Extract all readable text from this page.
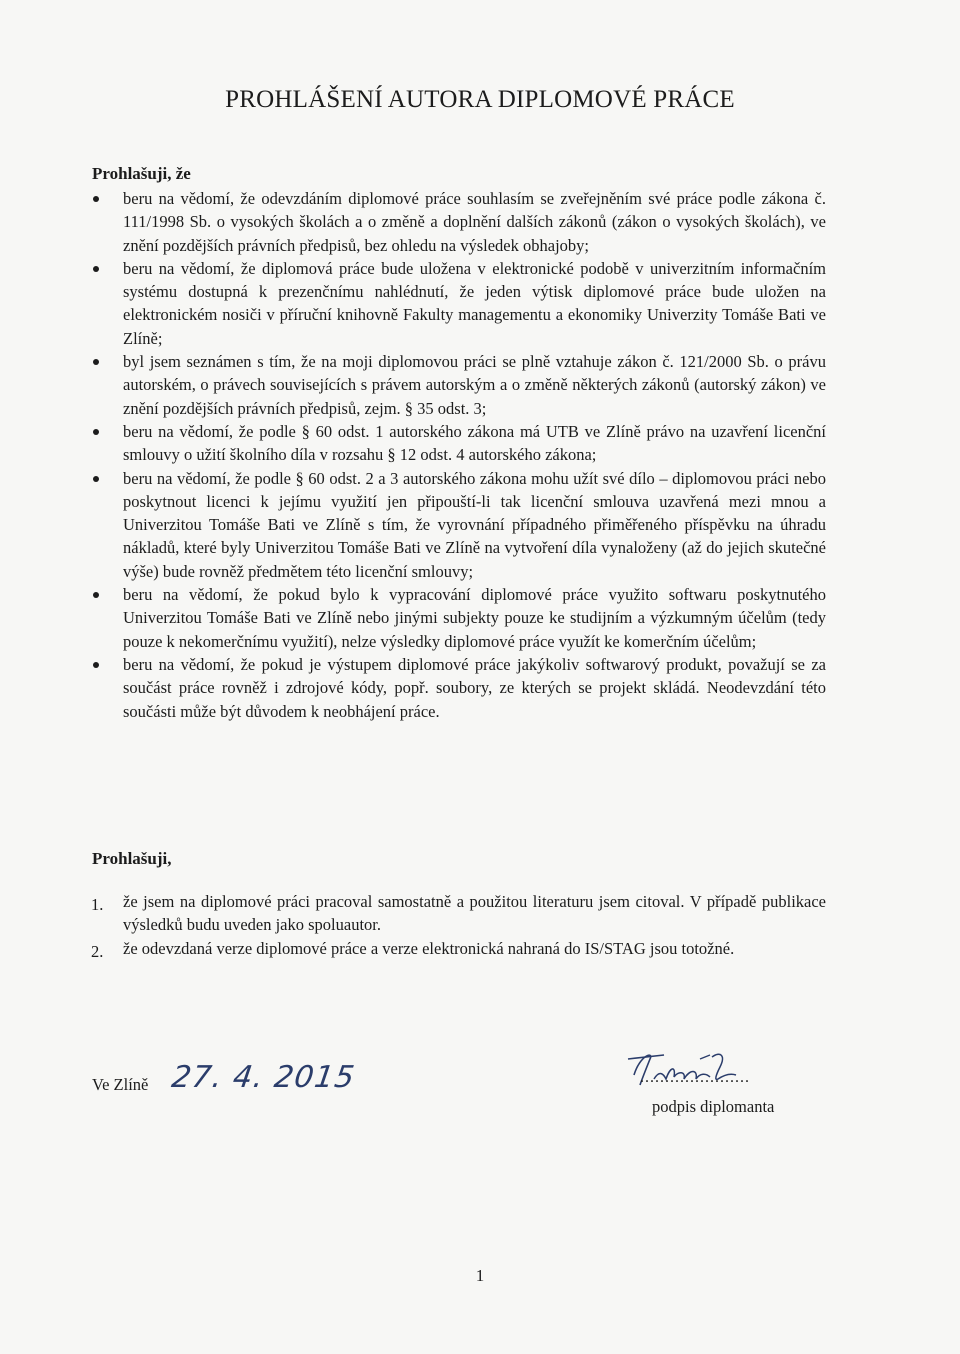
PROHLÁŠENÍ AUTORA DIPLOMOVÉ PRÁCE

Prohlašuji, že

beru na vědomí, že odevzdáním diplomové práce souhlasím se zveřejněním své práce podle zákona č. 111/1998 Sb. o vysokých školách a o změně a doplnění dalších zákonů (zákon o vysokých školách), ve znění pozdějších právních předpisů, bez ohledu na výsledek obhajoby;
beru na vědomí, že diplomová práce bude uložena v elektronické podobě v univerzitním informačním systému dostupná k prezenčnímu nahlédnutí, že jeden výtisk diplomové práce bude uložen na elektronickém nosiči v příruční knihovně Fakulty managementu a ekonomiky Univerzity Tomáše Bati ve Zlíně;
byl jsem seznámen s tím, že na moji diplomovou práci se plně vztahuje zákon č. 121/2000 Sb. o právu autorském, o právech souvisejících s právem autorským a o změně některých zákonů (autorský zákon) ve znění pozdějších právních předpisů, zejm. § 35 odst. 3;
beru na vědomí, že podle § 60 odst. 1 autorského zákona má UTB ve Zlíně právo na uzavření licenční smlouvy o užití školního díla v rozsahu § 12 odst. 4 autorského zákona;
beru na vědomí, že podle § 60 odst. 2 a 3 autorského zákona mohu užít své dílo – diplomovou práci nebo poskytnout licenci k jejímu využití jen připouští-li tak licenční smlouva uzavřená mezi mnou a Univerzitou Tomáše Bati ve Zlíně s tím, že vyrovnání případného přiměřeného příspěvku na úhradu nákladů, které byly Univerzitou Tomáše Bati ve Zlíně na vytvoření díla vynaloženy (až do jejich skutečné výše) bude rovněž předmětem této licenční smlouvy;
beru na vědomí, že pokud bylo k vypracování diplomové práce využito softwaru poskytnutého Univerzitou Tomáše Bati ve Zlíně nebo jinými subjekty pouze ke studijním a výzkumným účelům (tedy pouze k nekomerčnímu využití), nelze výsledky diplomové práce využít ke komerčním účelům;
beru na vědomí, že pokud je výstupem diplomové práce jakýkoliv softwarový produkt, považují se za součást práce rovněž i zdrojové kódy, popř. soubory, ze kterých se projekt skládá. Neodevzdání této součásti může být důvodem k neobhájení práce.

Prohlašuji,

1. že jsem na diplomové práci pracoval samostatně a použitou literaturu jsem citoval. V případě publikace výsledků budu uveden jako spoluautor.
2. že odevzdaná verze diplomové práce a verze elektronická nahraná do IS/STAG jsou totožné.

Ve Zlíně 27. 4. 2015	......................
podpis diplomanta
1
